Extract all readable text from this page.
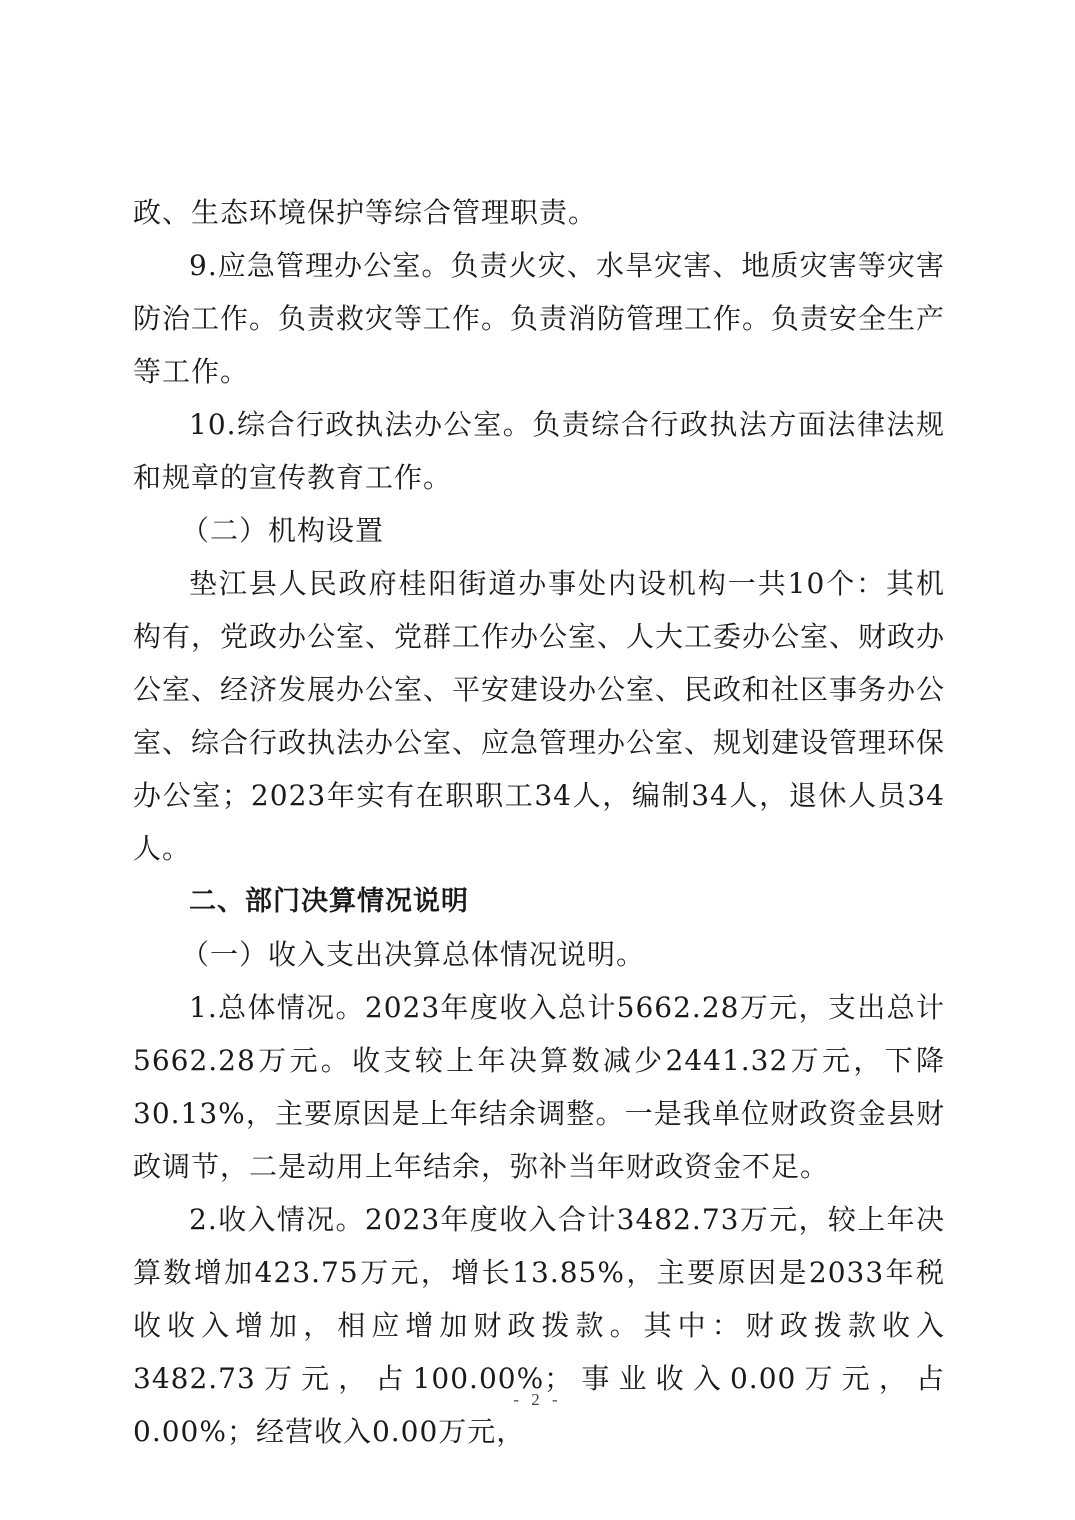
政、生态环境保护等综合管理职责。

9.应急管理办公室。负责火灾、水旱灾害、地质灾害等灾害防治工作。负责救灾等工作。负责消防管理工作。负责安全生产等工作。

10.综合行政执法办公室。负责综合行政执法方面法律法规和规章的宣传教育工作。

（二）机构设置

垫江县人民政府桂阳街道办事处内设机构一共10个：其机构有，党政办公室、党群工作办公室、人大工委办公室、财政办公室、经济发展办公室、平安建设办公室、民政和社区事务办公室、综合行政执法办公室、应急管理办公室、规划建设管理环保办公室；2023年实有在职职工34人，编制34人，退休人员34人。

二、部门决算情况说明

（一）收入支出决算总体情况说明。

1.总体情况。2023年度收入总计5662.28万元，支出总计5662.28万元。收支较上年决算数减少2441.32万元，下降30.13%，主要原因是上年结余调整。一是我单位财政资金县财政调节，二是动用上年结余，弥补当年财政资金不足。

2.收入情况。2023年度收入合计3482.73万元，较上年决算数增加423.75万元，增长13.85%，主要原因是2033年税收收入增加，相应增加财政拨款。其中：财政拨款收入3482.73万元，占100.00%；事业收入0.00万元，占0.00%；经营收入0.00万元，

- 2 -
